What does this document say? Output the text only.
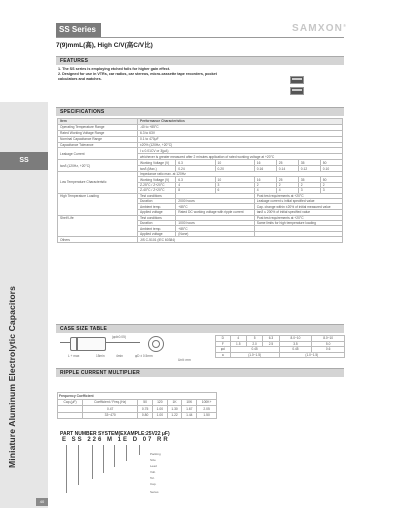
SS
Miniature Aluminum Electrolytic Capacitors
40
SS Series	SAMXON®
7(9)mmL(高), High C/V(高C/V比)
FEATURES
1. The SS series is employing etched foils for higher gain effect.
2. Designed for use in VTRs, car radios, car stereos, micro-cassette tape recorders, pocket
calculators and watches.
SPECIFICATIONS
Item	Performance Characteristics						
Operating Temperature Range	-40 to +85°C						
Rated Working Voltage Range	6.3 to 63V						
Nominal Capacitance Range	0.1 to 470μF						
Capacitance Tolerance	±20% (120Hz, +20°C)						
Leakage Current	I ≤ 0.01CV or 3(μA)						
	whichever is greater measured after 2 minutes application of rated working voltage at +20°C						
tanδ (120Hz, +20°C)	Working Voltage (V)	6.3	10	16	25	35	50
	tanδ (Max.)	0.24	0.20	0.16	0.14	0.12	0.10
Low Temperature Characteristic	Impedance ratio max. at 120Hz						
	Working Voltage (V)	6.3	10	16	25	35	50
	Z-25°C / Z+20°C	4	3	2	2	2	2
	Z-40°C / Z+20°C	8	6	4	4	3	3
High Temperature Loading	Test conditions			Post test requirements at +20°C			
	Duration	2000 hours		Leakage current ≤ initial specified value			
	Ambient temp.	+85°C		Cap. change within ±20% of initial measured value			
	Applied voltage	Rated DC working voltage with ripple current		tanδ ≤ 200% of initial specified value			
Shelf Life	Test conditions			Post test requirements at +20°C			
	Duration	1000 hours		Same limits for high temperature loading			
	Ambient temp.	+85°C					
	Applied voltage	(None)					
Others	JIS C-5101 (IEC 60384)						
CASE SIZE TABLE
L + max	15min	4min	φD ± 0.5mm
(φd±0.05)
Unit: mm
D	4	5	6.3	8.0~10	8.0~10
F	1.5	2.0	2.5	3.5	5.0
φd	0.45			0.45	0.6
a	(1.0~1.5)			(1.0~1.5)	
RIPPLE CURRENT MULTIPLIER
Frequency Coefficient						
Cap.(μF)	Coefficient / Freq.(Hz)	50	120	1K	10K	100K+
	0.47	0.75	1.00	1.30	1.67	2.05
	33~470	0.80	1.00	1.22	1.44	1.50
PART NUMBER SYSTEM(EXAMPLE:25V22 μF)
E SS 226 M 1E D 07 RR
Packing
Size
Lead
Volt.
Tol.
Cap.
Series
